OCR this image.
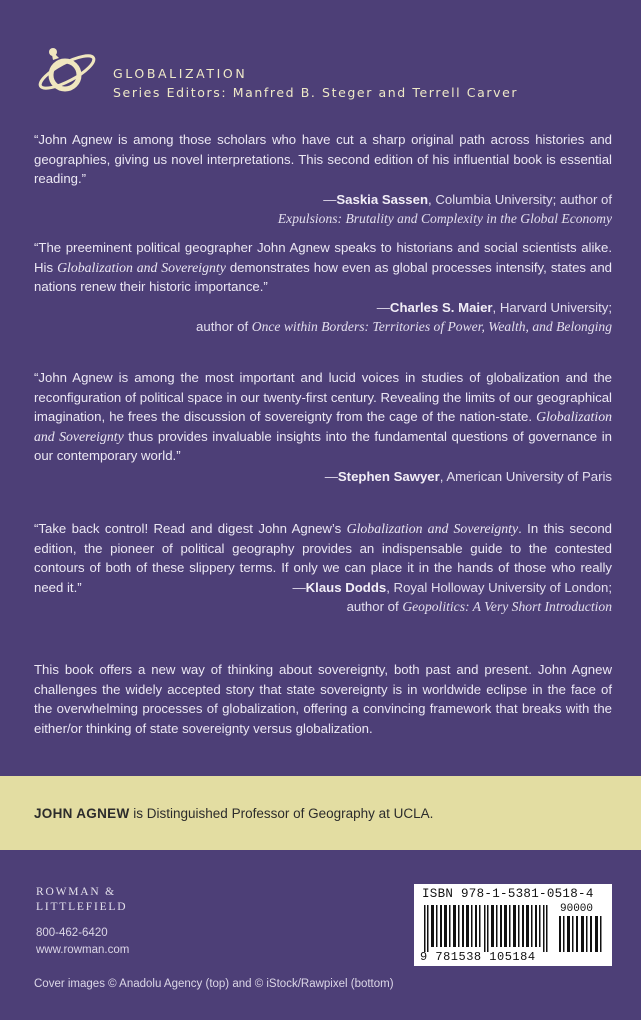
GLOBALIZATION
Series Editors: Manfred B. Steger and Terrell Carver

“John Agnew is among those scholars who have cut a sharp original path across histories and geographies, giving us novel interpretations. This second edition of his influential book is essential reading.”

—Saskia Sassen, Columbia University; author of
Expulsions: Brutality and Complexity in the Global Economy

“The preeminent political geographer John Agnew speaks to historians and social scientists alike. His Globalization and Sovereignty demonstrates how even as global processes intensify, states and nations renew their historic importance.”

—Charles S. Maier, Harvard University;
author of Once within Borders: Territories of Power, Wealth, and Belonging

“John Agnew is among the most important and lucid voices in studies of globalization and the reconfiguration of political space in our twenty-first century. Revealing the limits of our geographical imagination, he frees the discussion of sovereignty from the cage of the nation-state. Globalization and Sovereignty thus provides invaluable insights into the fundamental questions of governance in our contemporary world.”

—Stephen Sawyer, American University of Paris

“Take back control! Read and digest John Agnew’s Globalization and Sovereignty. In this second edition, the pioneer of political geography provides an indispensable guide to the contested contours of both of these slippery terms. If only we can place it in the hands of those who really need it.”	—Klaus Dodds, Royal Holloway University of London;
author of Geopolitics: A Very Short Introduction

This book offers a new way of thinking about sovereignty, both past and present. John Agnew challenges the widely accepted story that state sovereignty is in worldwide eclipse in the face of the overwhelming processes of globalization, offering a convincing framework that breaks with the either/or thinking of state sovereignty versus globalization.

JOHN AGNEW is Distinguished Professor of Geography at UCLA.
ROWMAN &
LITTLEFIELD
800-462-6420
www.rowman.com
ISBN 978-1-5381-0518-4
90000
9 781538 105184
Cover images © Anadolu Agency (top) and © iStock/Rawpixel (bottom)
